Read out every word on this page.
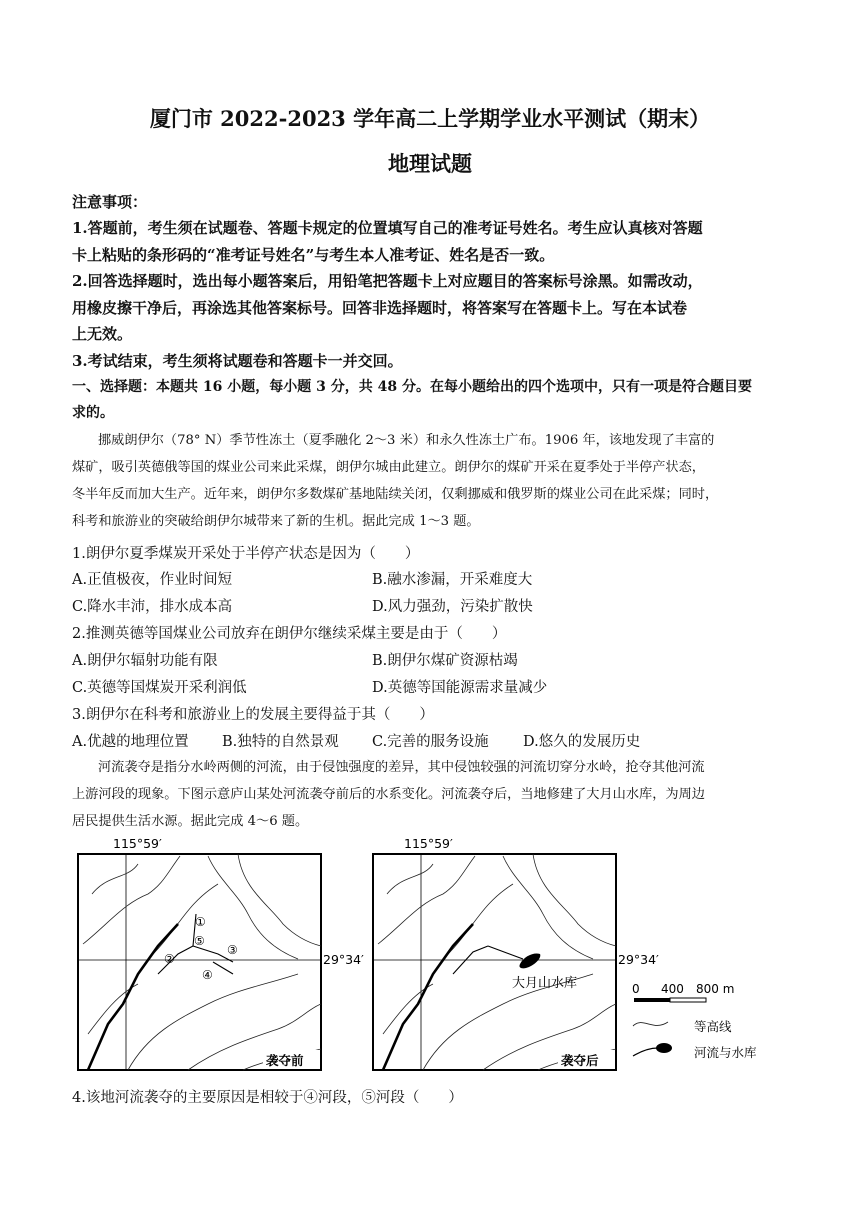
厦门市 2022-2023 学年高二上学期学业水平测试（期末）
地理试题
注意事项：
1.答题前，考生须在试题卷、答题卡规定的位置填写自己的准考证号姓名。考生应认真核对答题
卡上粘贴的条形码的“准考证号姓名”与考生本人准考证、姓名是否一致。
2.回答选择题时，选出每小题答案后，用铅笔把答题卡上对应题目的答案标号涂黑。如需改动，
用橡皮擦干净后，再涂选其他答案标号。回答非选择题时，将答案写在答题卡上。写在本试卷
上无效。
3.考试结束，考生须将试题卷和答题卡一并交回。
一、选择题：本题共 16 小题，每小题 3 分，共 48 分。在每小题给出的四个选项中，只有一项是符合题目要
求的。
挪威朗伊尔（78° N）季节性冻土（夏季融化 2～3 米）和永久性冻土广布。1906 年，该地发现了丰富的
煤矿，吸引英德俄等国的煤业公司来此采煤，朗伊尔城由此建立。朗伊尔的煤矿开采在夏季处于半停产状态，
冬半年反而加大生产。近年来，朗伊尔多数煤矿基地陆续关闭，仅剩挪威和俄罗斯的煤业公司在此采煤；同时，
科考和旅游业的突破给朗伊尔城带来了新的生机。据此完成 1～3 题。
1.朗伊尔夏季煤炭开采处于半停产状态是因为（　　）
A.正值极夜，作业时间短	B.融水渗漏，开采难度大
C.降水丰沛，排水成本高	D.风力强劲，污染扩散快
2.推测英德等国煤业公司放弃在朗伊尔继续采煤主要是由于（　　）
A.朗伊尔辐射功能有限	B.朗伊尔煤矿资源枯竭
C.英德等国煤炭开采利润低	D.英德等国能源需求量减少
3.朗伊尔在科考和旅游业上的发展主要得益于其（　　）
A.优越的地理位置 B.独特的自然景观 C.完善的服务设施 D.悠久的发展历史
河流袭夺是指分水岭两侧的河流，由于侵蚀强度的差异，其中侵蚀较强的河流切穿分水岭，抢夺其他河流
上游河段的现象。下图示意庐山某处河流袭夺前后的水系变化。河流袭夺后，当地修建了大月山水库，为周边
居民提供生活水源。据此完成 4～6 题。
115°59′
①
②
③
④
⑤
袭夺前
29°34′
115°59′
大月山水库
袭夺后
29°34′
0 400 800 m
等高线
河流与水库
4.该地河流袭夺的主要原因是相较于④河段，⑤河段（　　）
